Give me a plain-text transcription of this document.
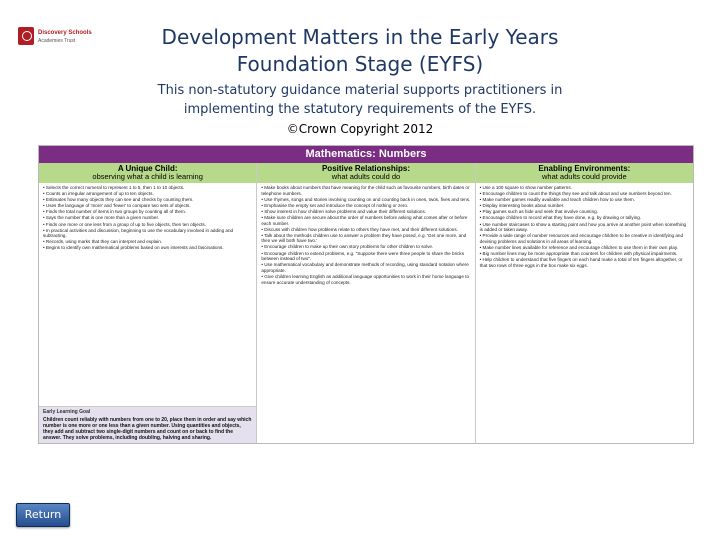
Discovery Schools
Academies Trust	Development Matters in the Early Years Foundation Stage (EYFS)
This non-statutory guidance material supports practitioners in implementing the statutory requirements of the EYFS.
©Crown Copyright 2012
Mathematics: Numbers
A Unique Child:
observing what a child is learning
• Selects the correct numeral to represent 1 to 5, then 1 to 10 objects.
• Counts an irregular arrangement of up to ten objects.
• Estimates how many objects they can see and checks by counting them.
• Uses the language of 'more' and 'fewer' to compare two sets of objects.
• Finds the total number of items in two groups by counting all of them.
• Says the number that is one more than a given number.
• Finds one more or one less from a group of up to five objects, then ten objects.
• In practical activities and discussion, beginning to use the vocabulary involved in adding and subtracting.
• Records, using marks that they can interpret and explain.
• Begins to identify own mathematical problems based on own interests and fascinations.
Early Learning Goal
Children count reliably with numbers from one to 20, place them in order and say which number is one more or one less than a given number. Using quantities and objects, they add and subtract two single-digit numbers and count on or back to find the answer. They solve problems, including doubling, halving and sharing.
Positive Relationships:
what adults could do
• Make books about numbers that have meaning for the child such as favourite numbers, birth dates or telephone numbers.
• Use rhymes, songs and stories involving counting on and counting back in ones, twos, fives and tens.
• Emphasise the empty set and introduce the concept of nothing or zero.
• Show interest in how children solve problems and value their different solutions.
• Make sure children are secure about the order of numbers before asking what comes after or before each number.
• Discuss with children how problems relate to others they have met, and their different solutions.
• Talk about the methods children use to answer a problem they have posed, e.g. 'Get one more, and then we will both have two.'
• Encourage children to make up their own story problems for other children to solve.
• Encourage children to extend problems, e.g. "Suppose there were three people to share the bricks between instead of two".
• Use mathematical vocabulary and demonstrate methods of recording, using standard notation where appropriate.
• Give children learning English as additional language opportunities to work in their home language to ensure accurate understanding of concepts.
Enabling Environments:
what adults could provide
• Use a 100 square to show number patterns.
• Encourage children to count the things they see and talk about and use numbers beyond ten.
• Make number games readily available and teach children how to use them.
• Display interesting books about number.
• Play games such as hide and seek that involve counting.
• Encourage children to record what they have done, e.g. by drawing or tallying.
• Use number staircases to show a starting point and how you arrive at another point when something is added or taken away.
• Provide a wide range of number resources and encourage children to be creative in identifying and devising problems and solutions in all areas of learning.
• Make number lines available for reference and encourage children to use them in their own play.
• Big number lines may be more appropriate than counters for children with physical impairments.
• Help children to understand that five fingers on each hand make a total of ten fingers altogether, or that two rows of three eggs in the box make six eggs.
Return
